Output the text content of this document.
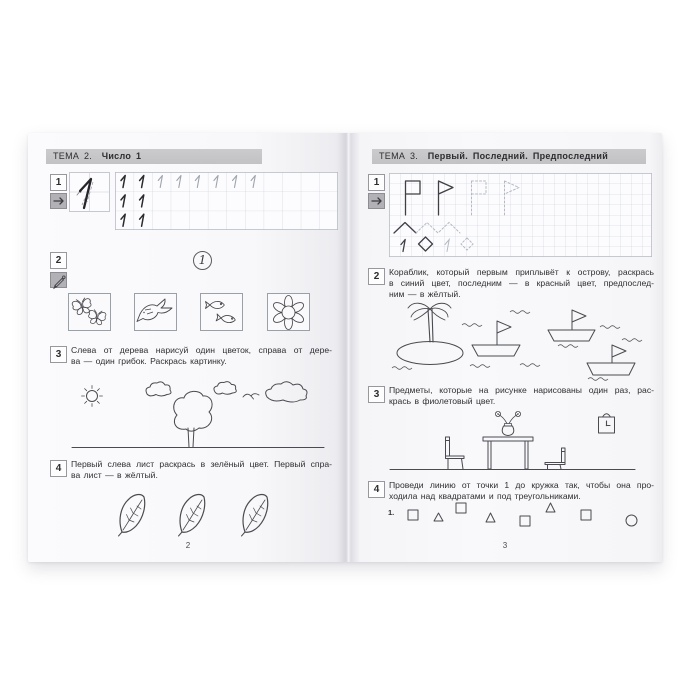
ТЕМА 2. Число 1
1
2	1
3	Слева от дерева нарисуй один цветок, справа от дере-
ва — один грибок. Раскрась картинку.
4	Первый слева лист раскрась в зелёный цвет. Первый спра-
ва лист — в жёлтый.
2
ТЕМА 3. Первый. Последний. Предпоследний
1
2	Кораблик, который первым приплывёт к острову, раскрась
в синий цвет, последним — в красный цвет, предпослед-
ним — в жёлтый.
3	Предметы, которые на рисунке нарисованы один раз, рас-
крась в фиолетовый цвет.
4	Проведи линию от точки 1 до кружка так, чтобы она про-
ходила над квадратами и под треугольниками.
1.
3
